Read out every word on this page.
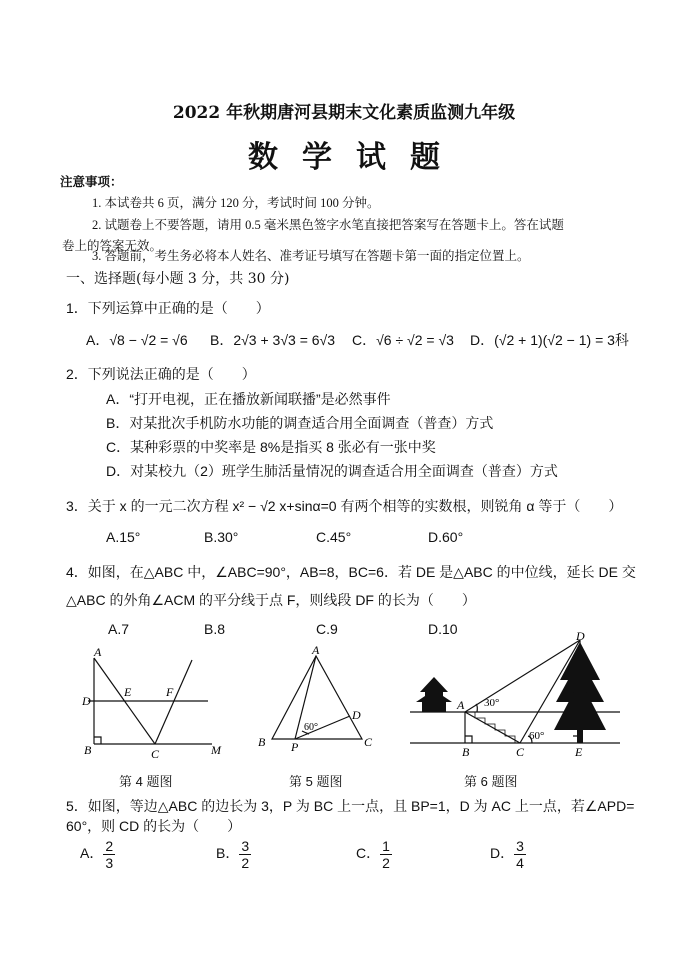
2022 年秋期唐河县期末文化素质监测九年级
数学试题
注意事项：
1. 本试卷共 6 页，满分 120 分，考试时间 100 分钟。
2. 试题卷上不要答题，请用 0.5 毫米黑色签字水笔直接把答案写在答题卡上。答在试题
卷上的答案无效。
3. 答题前，考生务必将本人姓名、准考证号填写在答题卡第一面的指定位置上。
一、选择题(每小题 3 分，共 30 分)
1．下列运算中正确的是（　　）
A．√8 − √2 = √6 B．2√3 + 3√3 = 6√3 C．√6 ÷ √2 = √3 D．(√2 + 1)(√2 − 1) = 3科
2．下列说法正确的是（　　）
A．“打开电视，正在播放新闻联播”是必然事件
B．对某批次手机防水功能的调查适合用全面调查（普查）方式
C．某种彩票的中奖率是 8%是指买 8 张必有一张中奖
D．对某校九（2）班学生肺活量情况的调查适合用全面调查（普查）方式
3．关于 x 的一元二次方程 x² − √2 x+sinα=0 有两个相等的实数根，则锐角 α 等于（　　）
A.15°	B.30°	C.45°	D.60°
4．如图，在△ABC 中，∠ABC=90°，AB=8，BC=6．若 DE 是△ABC 的中位线，延长 DE 交
△ABC 的外角∠ACM 的平分线于点 F，则线段 DF 的长为（　　）
A.7	B.8	C.9	D.10
A
D
E	F
B	C	M
A
B P	C
D
60°
D
A
B	C	E
30°
60°
第 4 题图	第 5 题图	第 6 题图
5．如图，等边△ABC 的边长为 3，P 为 BC 上一点，且 BP=1，D 为 AC 上一点，若∠APD=
60°，则 CD 的长为（　　）
A． $\frac{2}{3}$	B． $\frac{3}{2}$	C． $\frac{1}{2}$	D． $\frac{3}{4}$
